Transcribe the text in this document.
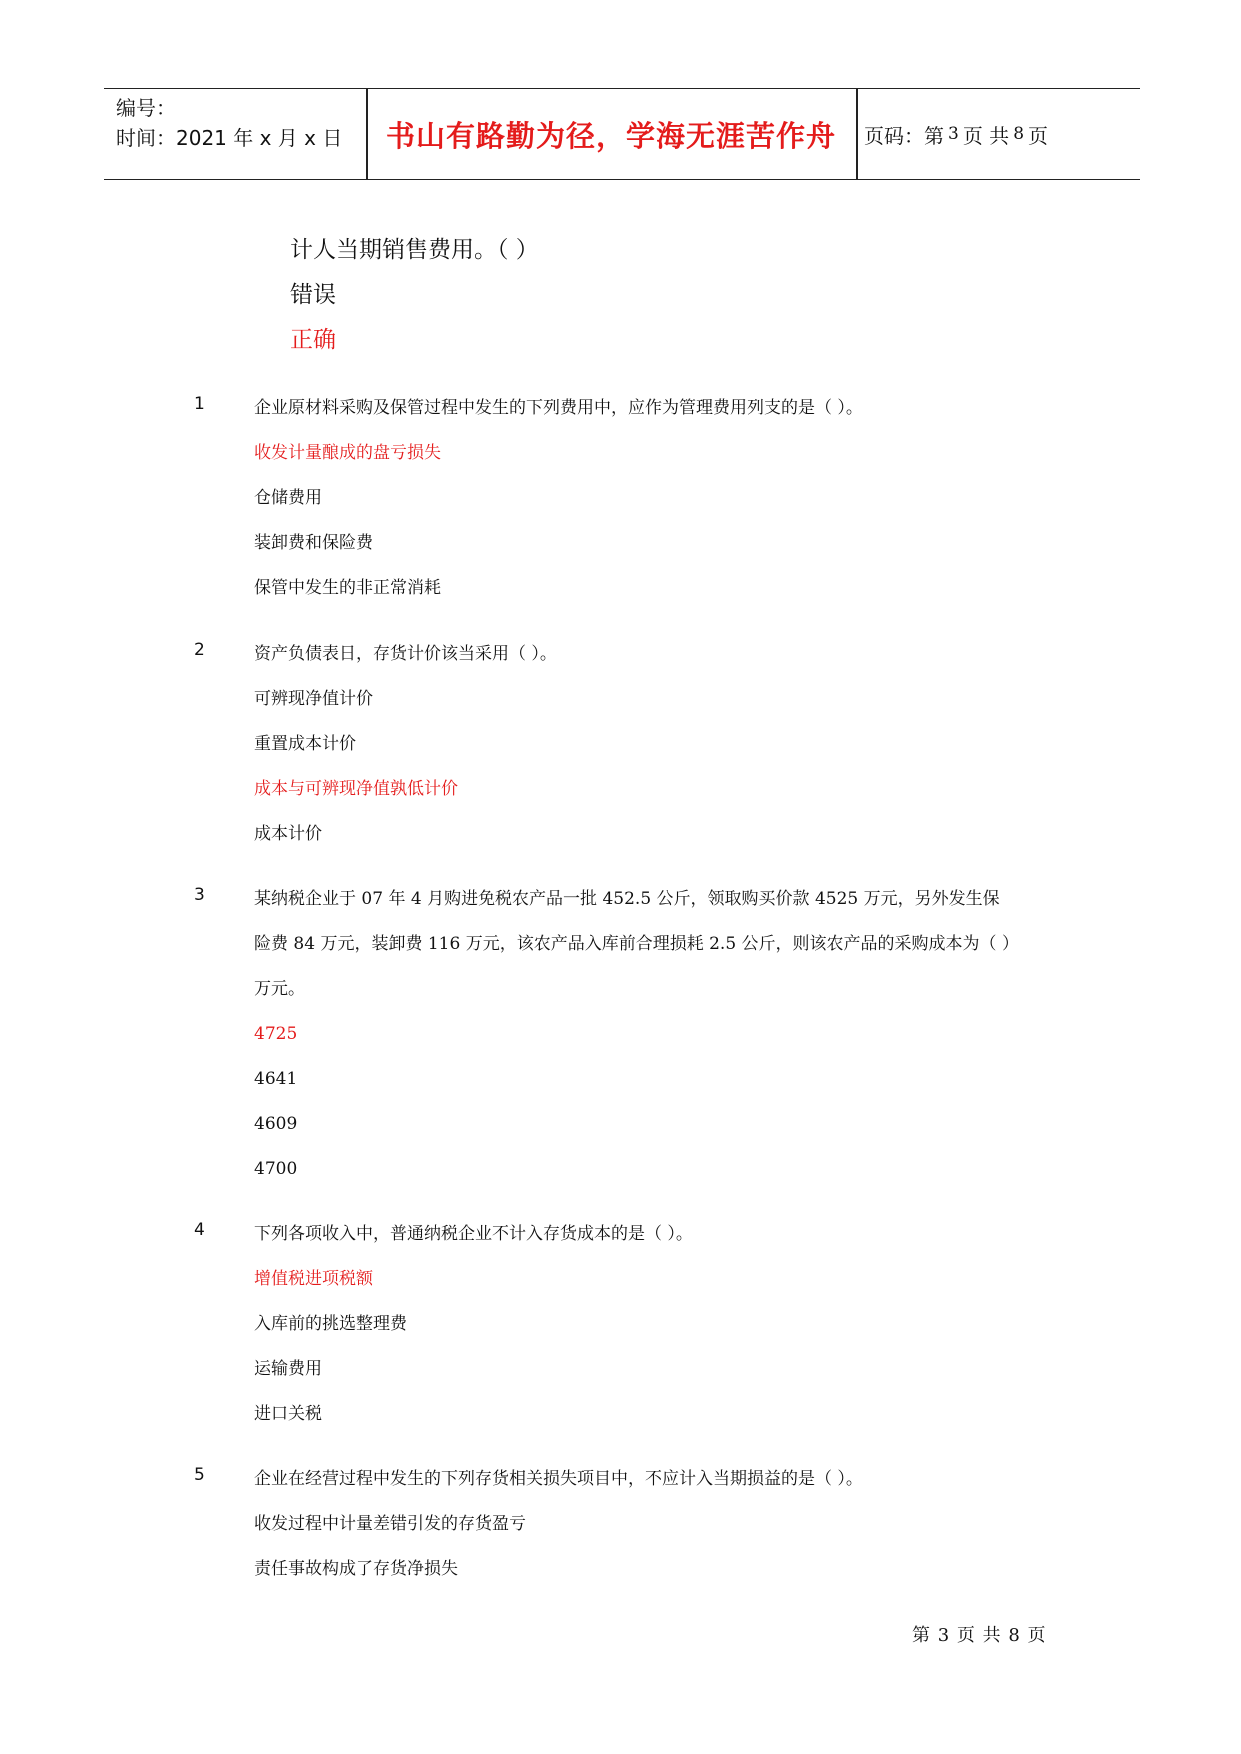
编号：
时间：2021 年 x 月 x 日	书山有路勤为径，学海无涯苦作舟	页码：第 3 页 共 8 页
计人当期销售费用。（ ）
错误
正确
1	企业原材料采购及保管过程中发生的下列费用中，应作为管理费用列支的是（ ）。
收发计量酿成的盘亏损失
仓储费用
装卸费和保险费
保管中发生的非正常消耗
2	资产负债表日，存货计价该当采用（ ）。
可辨现净值计价
重置成本计价
成本与可辨现净值孰低计价
成本计价
3	某纳税企业于 07 年 4 月购进免税农产品一批 452.5 公斤，领取购买价款 4525 万元，另外发生保险费 84 万元，装卸费 116 万元，该农产品入库前合理损耗 2.5 公斤，则该农产品的采购成本为（ ）万元。
4725
4641
4609
4700
4	下列各项收入中，普通纳税企业不计入存货成本的是（ ）。
增值税进项税额
入库前的挑选整理费
运输费用
进口关税
5	企业在经营过程中发生的下列存货相关损失项目中，不应计入当期损益的是（ ）。
收发过程中计量差错引发的存货盈亏
责任事故构成了存货净损失
第 3 页 共 8 页
